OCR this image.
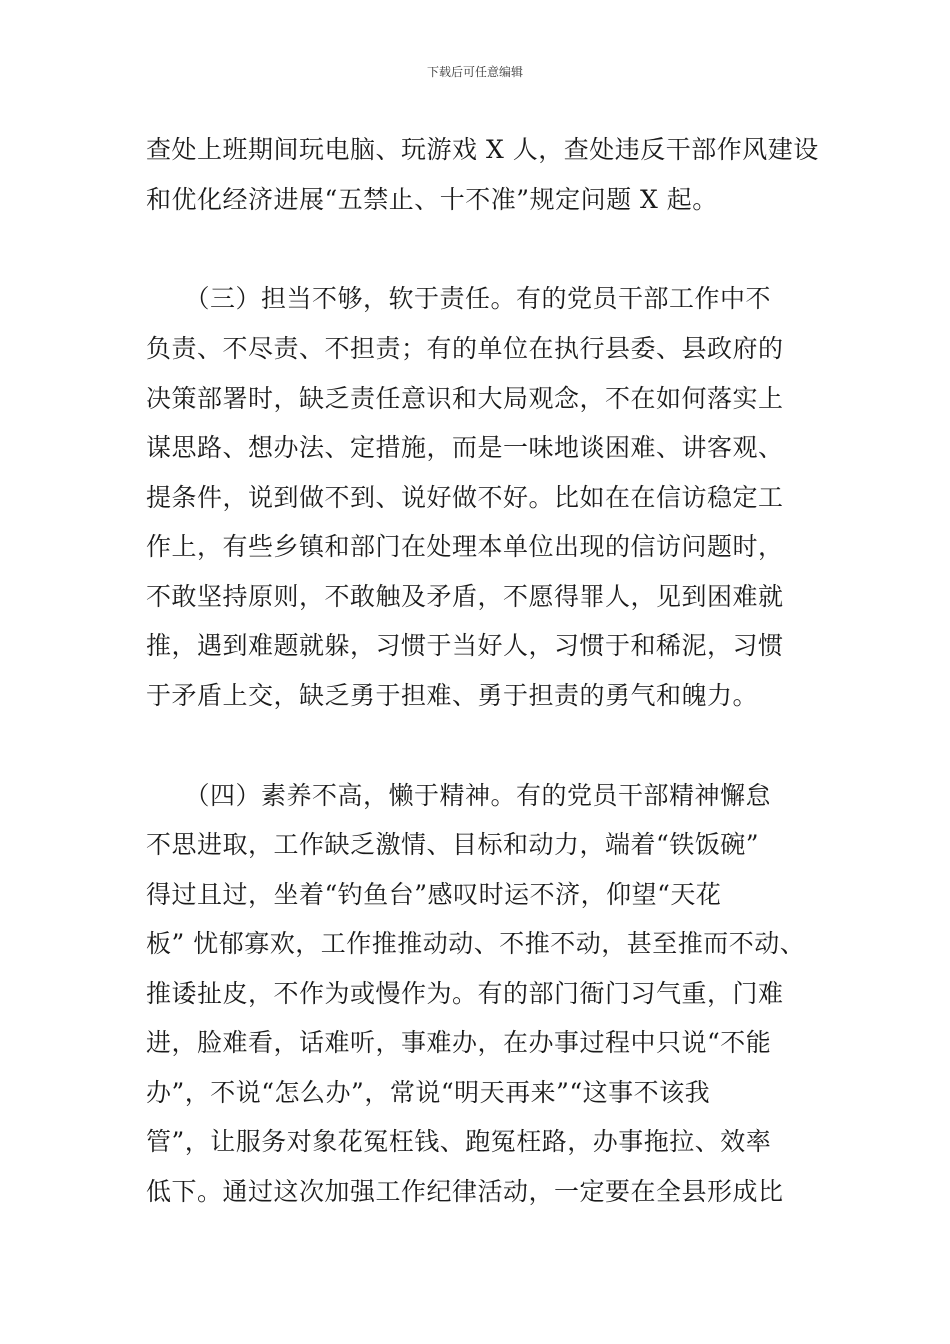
下载后可任意编辑
查处上班期间玩电脑、玩游戏 X 人，查处违反干部作风建设
和优化经济进展“五禁止、十不准”规定问题 X 起。
　　（三）担当不够，软于责任。有的党员干部工作中不
负责、不尽责、不担责；有的单位在执行县委、县政府的
决策部署时，缺乏责任意识和大局观念，不在如何落实上
谋思路、想办法、定措施，而是一味地谈困难、讲客观、
提条件，说到做不到、说好做不好。比如在在信访稳定工
作上，有些乡镇和部门在处理本单位出现的信访问题时，
不敢坚持原则，不敢触及矛盾，不愿得罪人，见到困难就
推，遇到难题就躲，习惯于当好人，习惯于和稀泥，习惯
于矛盾上交，缺乏勇于担难、勇于担责的勇气和魄力。
　　（四）素养不高，懒于精神。有的党员干部精神懈怠
不思进取，工作缺乏激情、目标和动力，端着“铁饭碗”
得过且过，坐着“钓鱼台”感叹时运不济，仰望“天花
板” 忧郁寡欢，工作推推动动、不推不动，甚至推而不动、
推诿扯皮，不作为或慢作为。有的部门衙门习气重，门难
进，脸难看，话难听，事难办，在办事过程中只说“不能
办”，不说“怎么办”，常说“明天再来”“这事不该我
管”，让服务对象花冤枉钱、跑冤枉路，办事拖拉、效率
低下。通过这次加强工作纪律活动，一定要在全县形成比
